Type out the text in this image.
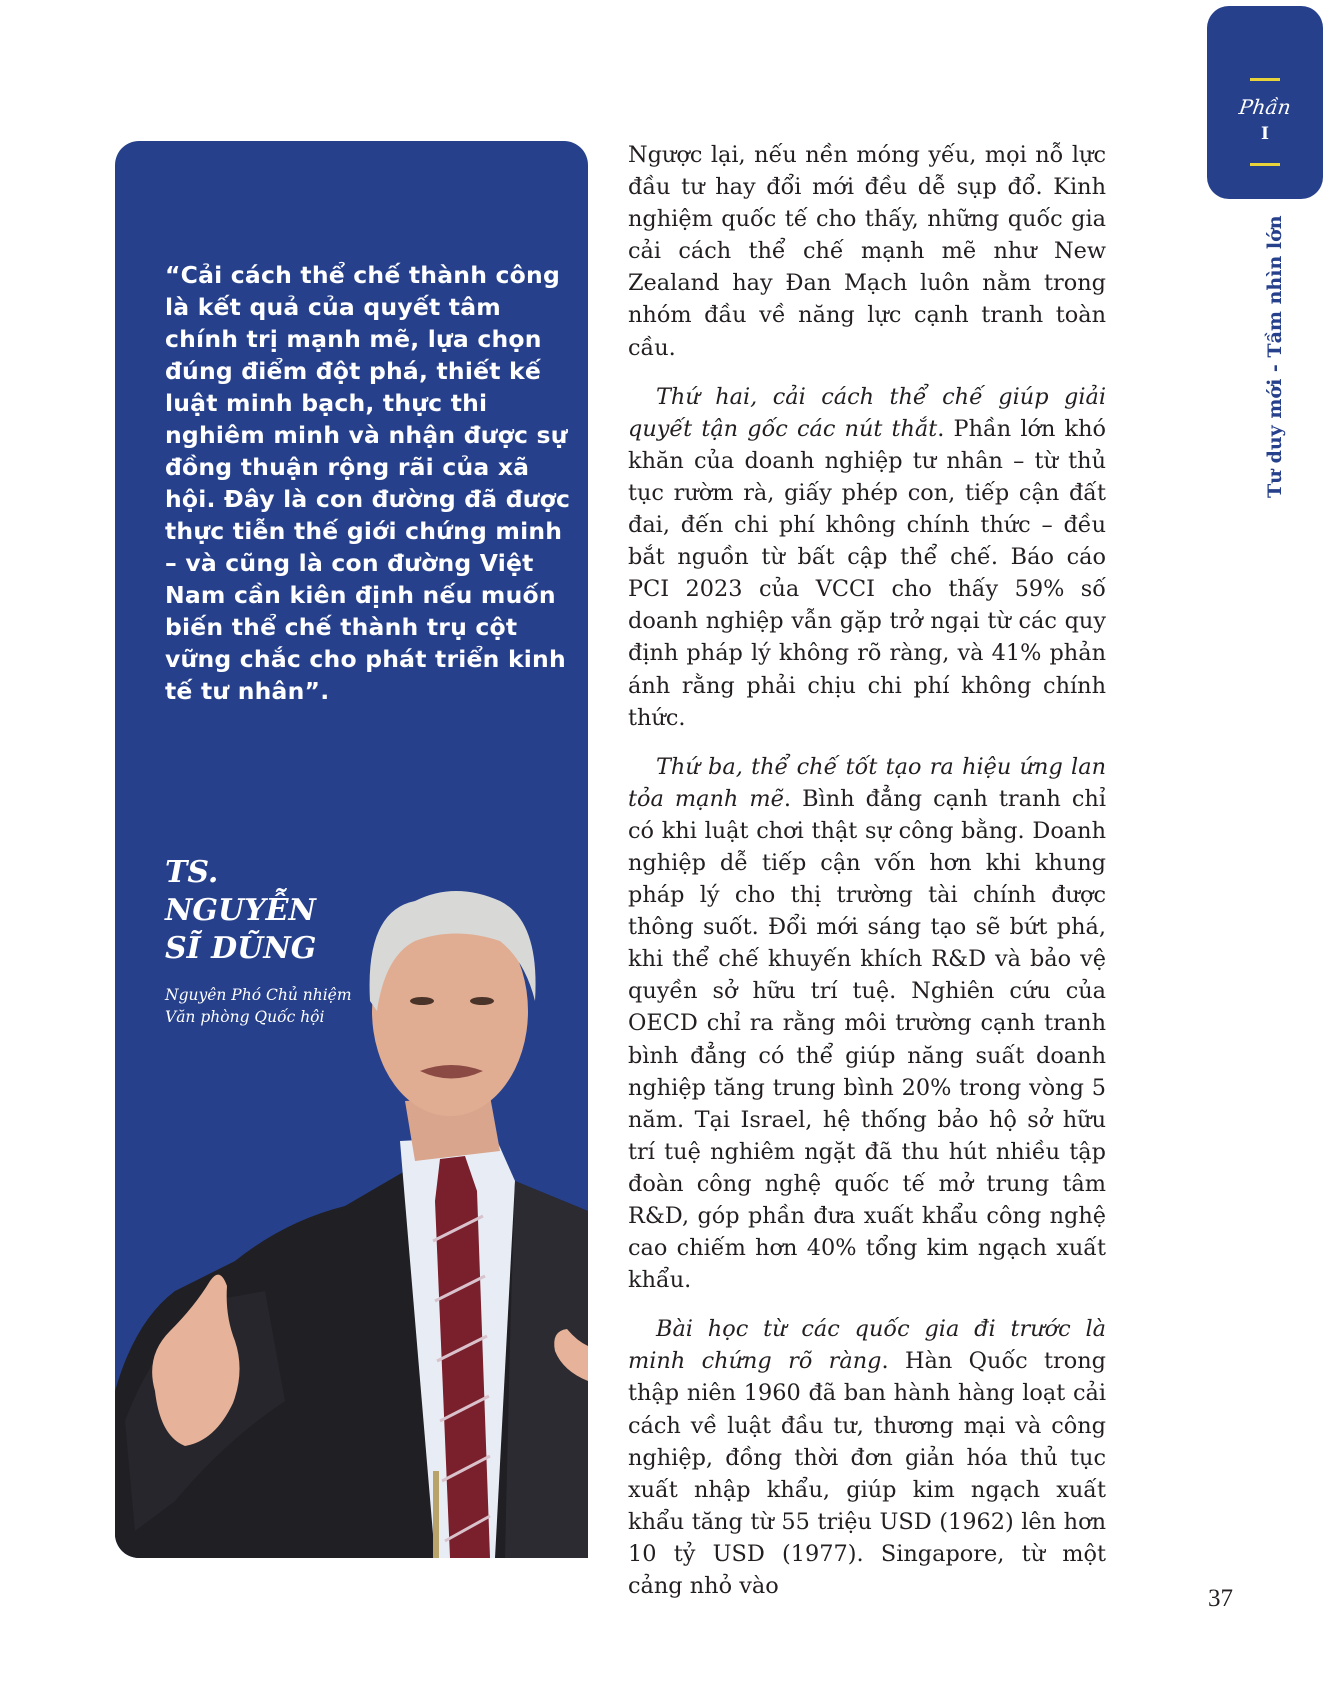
“Cải cách thể chế thành công là kết quả của quyết tâm chính trị mạnh mẽ, lựa chọn đúng điểm đột phá, thiết kế luật minh bạch, thực thi nghiêm minh và nhận được sự đồng thuận rộng rãi của xã hội. Đây là con đường đã được thực tiễn thế giới chứng minh – và cũng là con đường Việt Nam cần kiên định nếu muốn biến thể chế thành trụ cột vững chắc cho phát triển kinh tế tư nhân”.
TS.
NGUYỄN
SĨ DŨNG
Nguyên Phó Chủ nhiệm
Văn phòng Quốc hội

Ngược lại, nếu nền móng yếu, mọi nỗ lực đầu tư hay đổi mới đều dễ sụp đổ. Kinh nghiệm quốc tế cho thấy, những quốc gia cải cách thể chế mạnh mẽ như New Zealand hay Đan Mạch luôn nằm trong nhóm đầu về năng lực cạnh tranh toàn cầu.

Thứ hai, cải cách thể chế giúp giải quyết tận gốc các nút thắt. Phần lớn khó khăn của doanh nghiệp tư nhân – từ thủ tục rườm rà, giấy phép con, tiếp cận đất đai, đến chi phí không chính thức – đều bắt nguồn từ bất cập thể chế. Báo cáo PCI 2023 của VCCI cho thấy 59% số doanh nghiệp vẫn gặp trở ngại từ các quy định pháp lý không rõ ràng, và 41% phản ánh rằng phải chịu chi phí không chính thức.

Thứ ba, thể chế tốt tạo ra hiệu ứng lan tỏa mạnh mẽ. Bình đẳng cạnh tranh chỉ có khi luật chơi thật sự công bằng. Doanh nghiệp dễ tiếp cận vốn hơn khi khung pháp lý cho thị trường tài chính được thông suốt. Đổi mới sáng tạo sẽ bứt phá, khi thể chế khuyến khích R&D và bảo vệ quyền sở hữu trí tuệ. Nghiên cứu của OECD chỉ ra rằng môi trường cạnh tranh bình đẳng có thể giúp năng suất doanh nghiệp tăng trung bình 20% trong vòng 5 năm. Tại Israel, hệ thống bảo hộ sở hữu trí tuệ nghiêm ngặt đã thu hút nhiều tập đoàn công nghệ quốc tế mở trung tâm R&D, góp phần đưa xuất khẩu công nghệ cao chiếm hơn 40% tổng kim ngạch xuất khẩu.

Bài học từ các quốc gia đi trước là minh chứng rõ ràng. Hàn Quốc trong thập niên 1960 đã ban hành hàng loạt cải cách về luật đầu tư, thương mại và công nghiệp, đồng thời đơn giản hóa thủ tục xuất nhập khẩu, giúp kim ngạch xuất khẩu tăng từ 55 triệu USD (1962) lên hơn 10 tỷ USD (1977). Singapore, từ một cảng nhỏ vào

Phần
I
Tư duy mới - Tầm nhìn lớn
37
